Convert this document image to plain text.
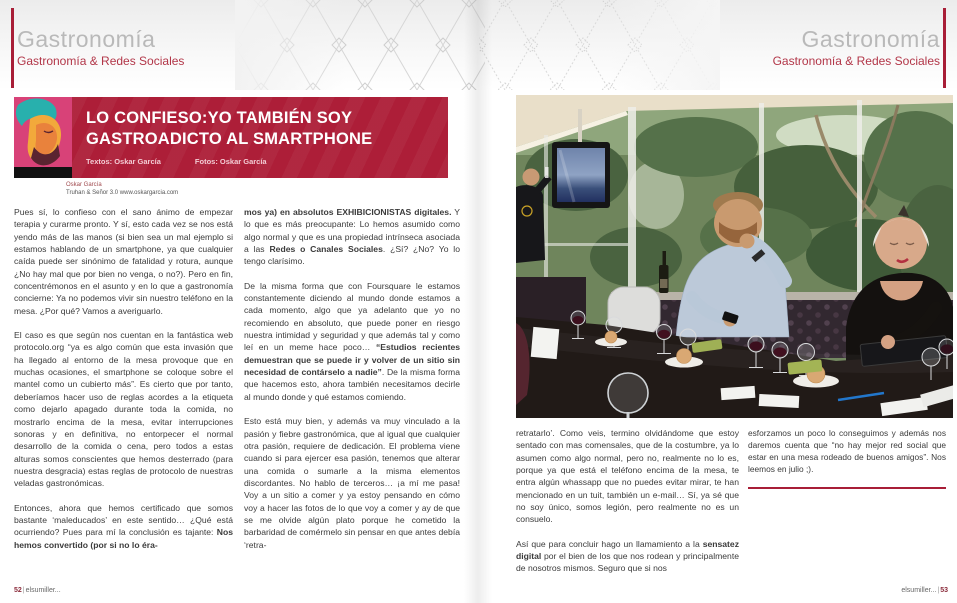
Gastronomía
Gastronomía & Redes Sociales
Gastronomía
Gastronomía & Redes Sociales
LO CONFIESO:YO TAMBIÉN SOY GASTROADICTO AL SMARTPHONE
Textos: Oskar García	Fotos: Oskar García
Oskar García
Truhan & Señor 3.0 www.oskargarcia.com

Pues sí, lo confieso con el sano ánimo de empezar terapia y curarme pronto. Y sí, esto cada vez se nos está yendo más de las manos (si bien sea un mal ejemplo si estamos hablando de un smartphone, ya que cualquier caída puede ser sinónimo de fatalidad y rotura, aunque ¿No hay mal que por bien no venga, o no?). Pero en fin, concentrémonos en el asunto y en lo que a gastronomía concierne: Ya no podemos vivir sin nuestro teléfono en la mesa. ¿Por qué? Vamos a averiguarlo.

El caso es que según nos cuentan en la fantástica web protocolo.org “ya es algo común que esta invasión que ha llegado al entorno de la mesa provoque que en muchas ocasiones, el smartphone se coloque sobre el mantel como un cubierto más”. Es cierto que por tanto, deberíamos hacer uso de reglas acordes a la etiqueta como dejarlo apagado durante toda la comida, no mostrarlo encima de la mesa, evitar interrupciones sonoras y en definitiva, no entorpecer el normal desarrollo de la comida o cena, pero todos a estas alturas somos conscientes que hemos desterrado (para nuestra desgracia) estas reglas de protocolo de nuestras veladas gastronómicas.

Entonces, ahora que hemos certificado que somos bastante ‘maleducados’ en este sentido… ¿Qué está ocurriendo? Pues para mí la conclusión es tajante: Nos hemos convertido (por si no lo éra-

mos ya) en absolutos EXHIBICIONISTAS digitales. Y lo que es más preocupante: Lo hemos asumido como algo normal y que es una propiedad intrínseca asociada a las Redes o Canales Sociales. ¿Sí? ¿No? Yo lo tengo clarísimo.

De la misma forma que con Foursquare le estamos constantemente diciendo al mundo donde estamos a cada momento, algo que ya adelanto que yo no recomiendo en absoluto, que puede poner en riesgo nuestra intimidad y seguridad y que además tal y como leí en un meme hace poco… “Estudios recientes demuestran que se puede ir y volver de un sitio sin necesidad de contárselo a nadie”. De la misma forma que hacemos esto, ahora también necesitamos decirle al mundo donde y qué estamos comiendo.

Esto está muy bien, y además va muy vinculado a la pasión y fiebre gastronómica, que al igual que cualquier otra pasión, requiere de dedicación. El problema viene cuando si para ejercer esa pasión, tenemos que alterar una comida o sumarle a la misma elementos discordantes. No hablo de terceros… ¡a mí me pasa! Voy a un sitio a comer y ya estoy pensando en cómo voy a hacer las fotos de lo que voy a comer y ay de que se me olvide algún plato porque he cometido la barbaridad de comérmelo sin pensar en que antes debía ‘retra-

retratarlo’. Como veis, termino olvidándome que estoy sentado con mas comensales, que de la costumbre, ya lo asumen como algo normal, pero no, realmente no lo es, porque ya que está el teléfono encima de la mesa, te entra algún whassapp que no puedes evitar mirar, te han mencionado en un tuit, también un e-mail… Sí, ya sé que no soy único, somos legión, pero realmente no es un consuelo.

Así que para concluir hago un llamamiento a la sensatez digital por el bien de los que nos rodean y principalmente de nosotros mismos. Seguro que si nos

esforzamos un poco lo conseguimos y además nos daremos cuenta que “no hay mejor red social que estar en una mesa rodeado de buenos amigos”. Nos leemos en julio ;).

52|elsumiller...	elsumiller...|53
